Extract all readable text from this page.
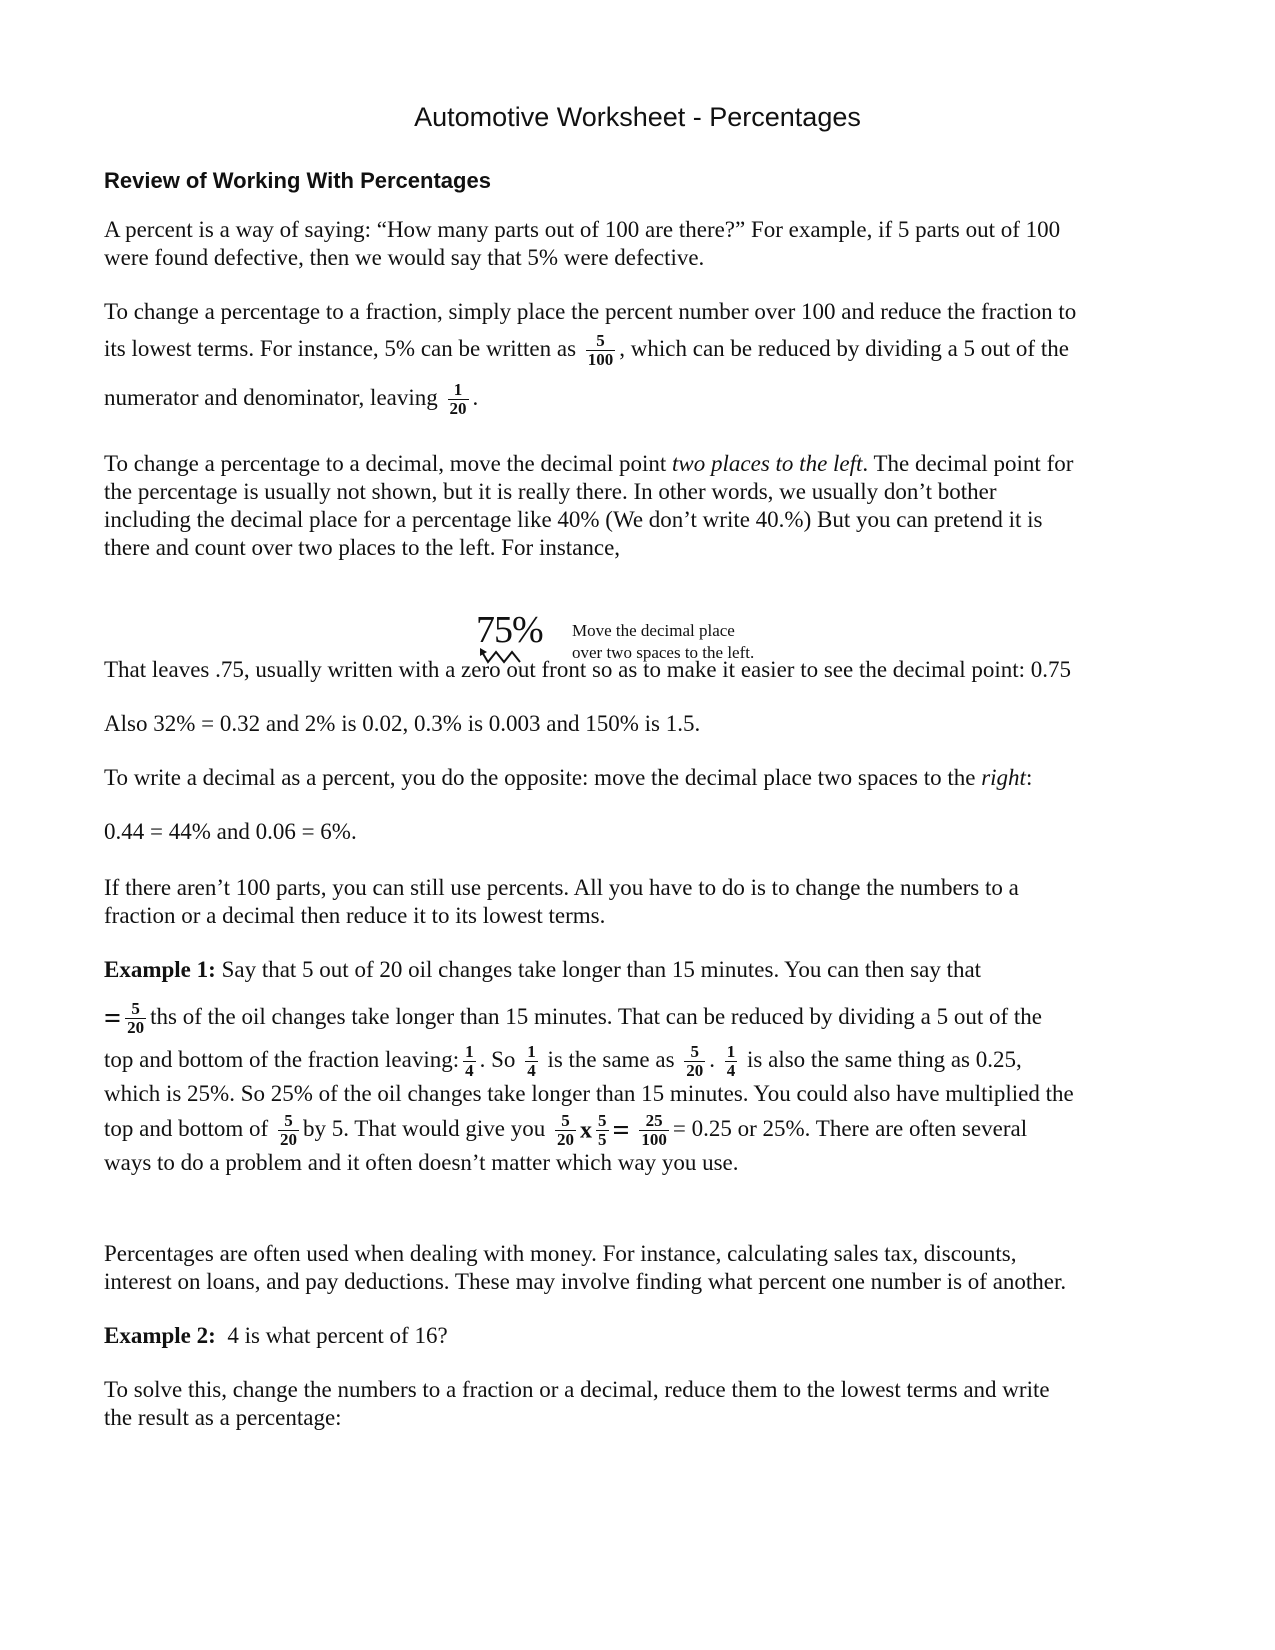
Automotive Worksheet - Percentages
Review of Working With Percentages
A percent is a way of saying: “How many parts out of 100 are there?” For example, if 5 parts out of 100
were found defective, then we would say that 5% were defective.
To change a percentage to a fraction, simply place the percent number over 100 and reduce the fraction to
its lowest terms. For instance, 5% can be written as $\frac{5}{100}$ , which can be reduced by dividing a 5 out of the
numerator and denominator, leaving $\frac{1}{20}$ .
To change a percentage to a decimal, move the decimal point two places to the left. The decimal point for
the percentage is usually not shown, but it is really there. In other words, we usually don’t bother
including the decimal place for a percentage like 40% (We don’t write 40.%) But you can pretend it is
there and count over two places to the left. For instance,
75% Move the decimal place
over two spaces to the left.
That leaves .75, usually written with a zero out front so as to make it easier to see the decimal point: 0.75
Also 32% = 0.32 and 2% is 0.02, 0.3% is 0.003 and 150% is 1.5.
To write a decimal as a percent, you do the opposite: move the decimal place two spaces to the right:
0.44 = 44% and 0.06 = 6%.
If there aren’t 100 parts, you can still use percents. All you have to do is to change the numbers to a
fraction or a decimal then reduce it to its lowest terms.
Example 1: Say that 5 out of 20 oil changes take longer than 15 minutes. You can then say that
= $\frac{5}{20}$ ths of the oil changes take longer than 15 minutes. That can be reduced by dividing a 5 out of the
top and bottom of the fraction leaving: $\frac{1}{4}$ . So $\frac{1}{4}$ is the same as $\frac{5}{20}$ . $\frac{1}{4}$ is also the same thing as 0.25,
which is 25%. So 25% of the oil changes take longer than 15 minutes. You could also have multiplied the
top and bottom of $\frac{5}{20}$ by 5. That would give you $\frac{5}{20}$ x $\frac{5}{5} = \frac{25}{100} = 0.25$ or 25%. There are often several
ways to do a problem and it often doesn’t matter which way you use.
Percentages are often used when dealing with money. For instance, calculating sales tax, discounts,
interest on loans, and pay deductions. These may involve finding what percent one number is of another.
Example 2:  4 is what percent of 16?
To solve this, change the numbers to a fraction or a decimal, reduce them to the lowest terms and write
the result as a percentage:
